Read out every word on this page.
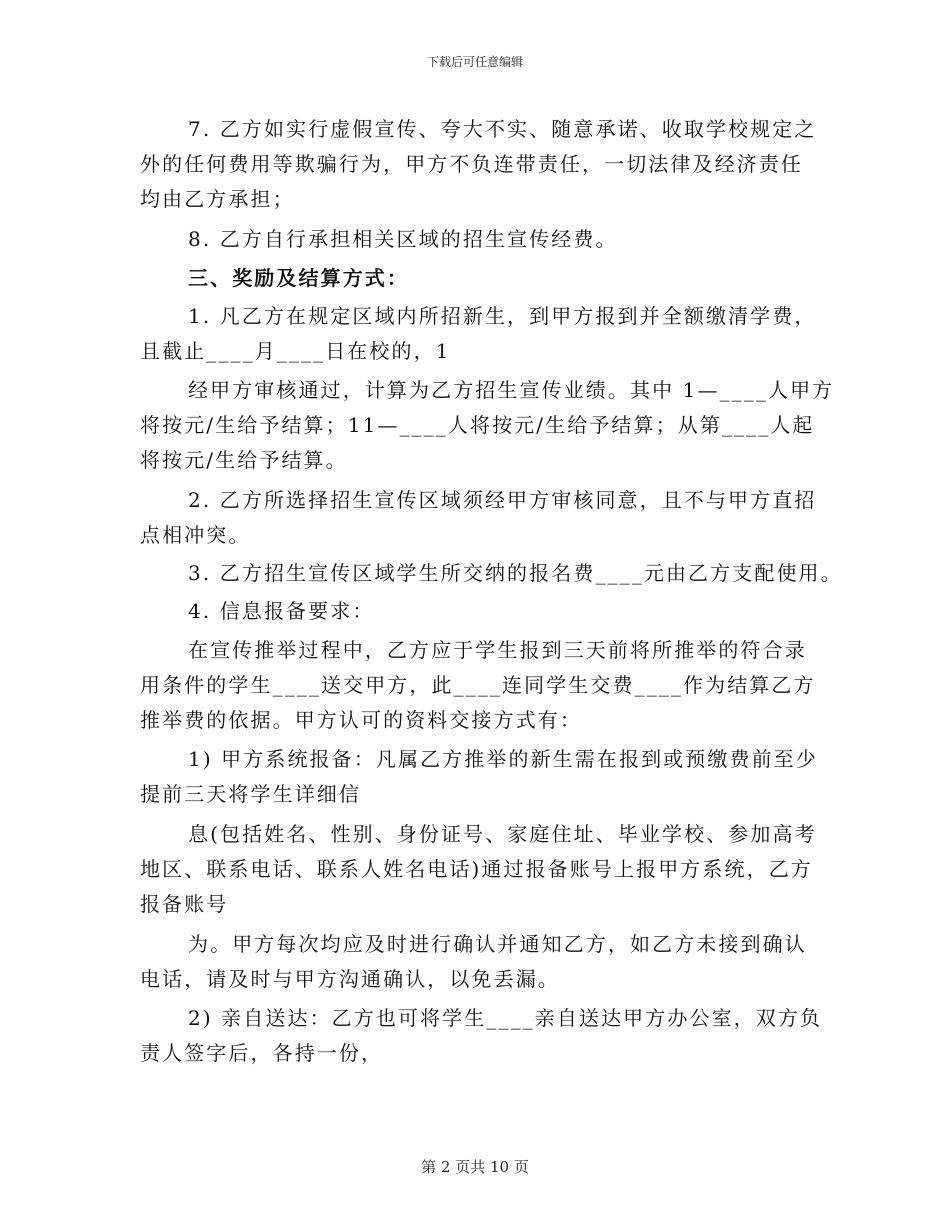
下载后可任意编辑
7. 乙方如实行虚假宣传、夸大不实、随意承诺、收取学校规定之
外的任何费用等欺骗行为，甲方不负连带责任，一切法律及经济责任
均由乙方承担；
8. 乙方自行承担相关区域的招生宣传经费。
三、奖励及结算方式：
1. 凡乙方在规定区域内所招新生，到甲方报到并全额缴清学费，
且截止____月____日在校的，1
经甲方审核通过，计算为乙方招生宣传业绩。其中 1—____人甲方
将按元/生给予结算；11—____人将按元/生给予结算；从第____人起
将按元/生给予结算。
2. 乙方所选择招生宣传区域须经甲方审核同意，且不与甲方直招
点相冲突。
3. 乙方招生宣传区域学生所交纳的报名费____元由乙方支配使用。
4. 信息报备要求：
在宣传推举过程中，乙方应于学生报到三天前将所推举的符合录
用条件的学生____送交甲方，此____连同学生交费____作为结算乙方
推举费的依据。甲方认可的资料交接方式有：
1) 甲方系统报备：凡属乙方推举的新生需在报到或预缴费前至少
提前三天将学生详细信
息(包括姓名、性别、身份证号、家庭住址、毕业学校、参加高考
地区、联系电话、联系人姓名电话)通过报备账号上报甲方系统，乙方
报备账号
为。甲方每次均应及时进行确认并通知乙方，如乙方未接到确认
电话，请及时与甲方沟通确认，以免丢漏。
2) 亲自送达：乙方也可将学生____亲自送达甲方办公室，双方负
责人签字后，各持一份，
第 2 页共 10 页
